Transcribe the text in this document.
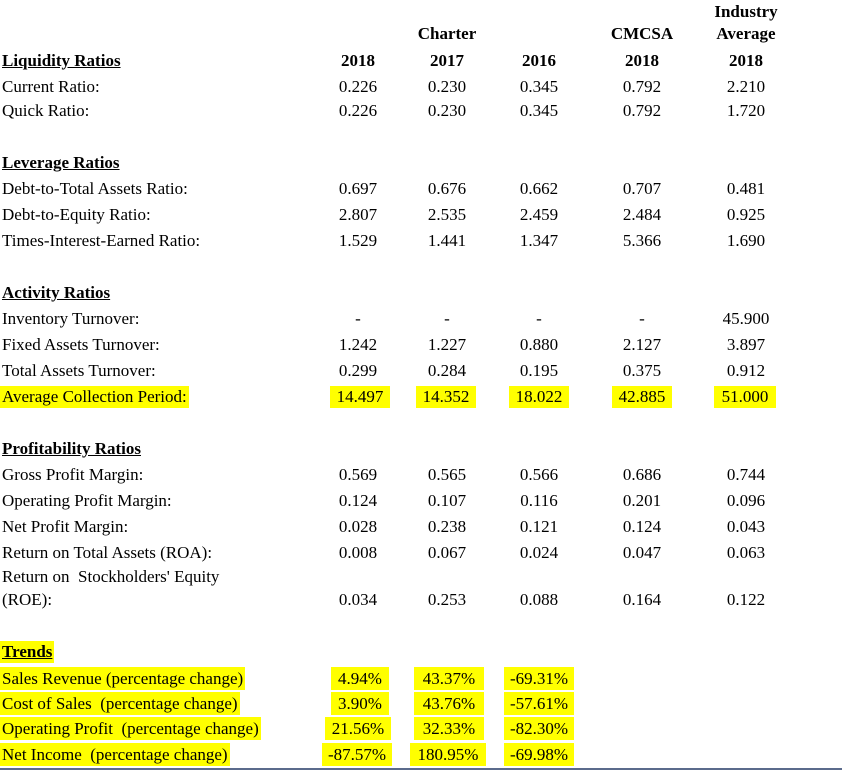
Charter	CMCSA
Industry
Average
2018	2017	2016	2018	2018
Liquidity Ratios
Current Ratio:	0.226	0.230	0.345	0.792	2.210
Quick Ratio:	0.226	0.230	0.345	0.792	1.720
Leverage Ratios
Debt-to-Total Assets Ratio:	0.697	0.676	0.662	0.707	0.481
Debt-to-Equity Ratio:	2.807	2.535	2.459	2.484	0.925
Times-Interest-Earned Ratio:	1.529	1.441	1.347	5.366	1.690
Activity Ratios
Inventory Turnover:	-	-	-	-	45.900
Fixed Assets Turnover:	1.242	1.227	0.880	2.127	3.897
Total Assets Turnover:	0.299	0.284	0.195	0.375	0.912
Average Collection Period:	14.497	14.352	18.022	42.885	51.000
Profitability Ratios
Gross Profit Margin:	0.569	0.565	0.566	0.686	0.744
Operating Profit Margin:	0.124	0.107	0.116	0.201	0.096
Net Profit Margin:	0.028	0.238	0.121	0.124	0.043
Return on Total Assets (ROA):	0.008	0.067	0.024	0.047	0.063
Return on  Stockholders' Equity
(ROE):	0.034	0.253	0.088	0.164	0.122
Trends
Sales Revenue (percentage change)	4.94%	43.37%	-69.31%
Cost of Sales  (percentage change)	3.90%	43.76%	-57.61%
Operating Profit  (percentage change)	21.56%	32.33%	-82.30%
Net Income  (percentage change)	-87.57%	180.95%	-69.98%
